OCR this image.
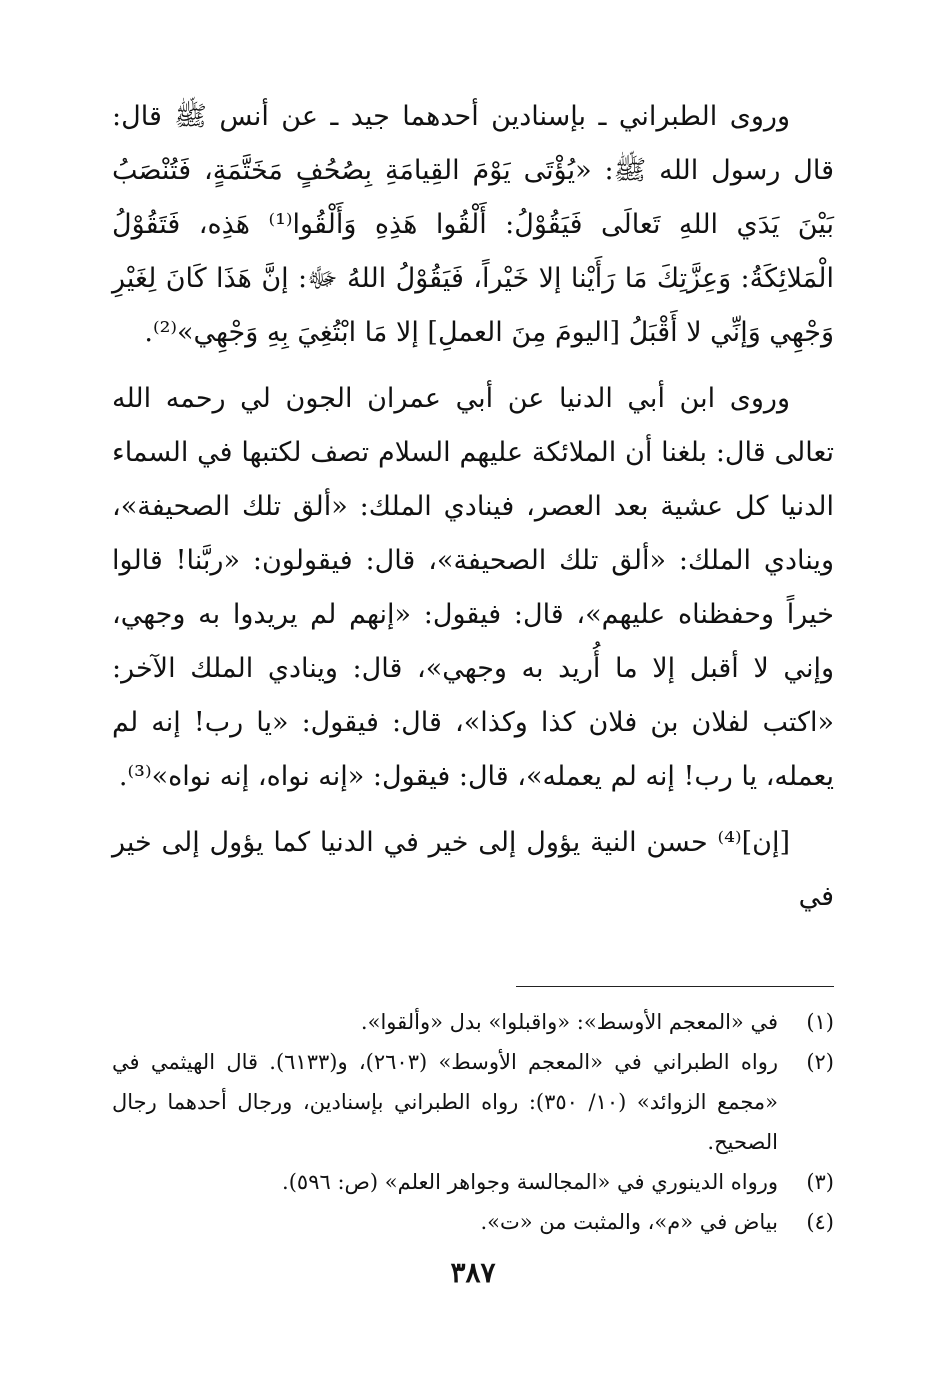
وروى الطبراني ـ بإسنادين أحدهما جيد ـ عن أنس ﷺ قال: قال رسول الله ﷺ: «يُؤْتَى يَوْمَ القِيامَةِ بِصُحُفٍ مَخَتَّمَةٍ، فَتُنْصَبُ بَيْنَ يَدَي اللهِ تَعالَى فَيَقُوْلُ: أَلْقُوا هَذِهِ وَأَلْقُوا⁽¹⁾ هَذِه، فَتَقُوْلُ الْمَلائِكَةُ: وَعِزَّتِكَ مَا رَأَيْنا إلا خَيْراً، فَيَقُوْلُ اللهُ ﷻ: إنَّ هَذَا كَانَ لِغَيْرِ وَجْهِي وَإنِّي لا أَقْبَلُ [اليومَ مِنَ العملِ] إلا مَا ابْتُغِيَ بِهِ وَجْهِي»⁽²⁾.

وروى ابن أبي الدنيا عن أبي عمران الجون لي رحمه الله تعالى قال: بلغنا أن الملائكة عليهم السلام تصف لكتبها في السماء الدنيا كل عشية بعد العصر، فينادي الملك: «ألق تلك الصحيفة»، وينادي الملك: «ألق تلك الصحيفة»، قال: فيقولون: «ربَّنا! قالوا خيراً وحفظناه عليهم»، قال: فيقول: «إنهم لم يريدوا به وجهي، وإني لا أقبل إلا ما أُريد به وجهي»، قال: وينادي الملك الآخر: «اكتب لفلان بن فلان كذا وكذا»، قال: فيقول: «يا رب! إنه لم يعمله، يا رب! إنه لم يعمله»، قال: فيقول: «إنه نواه، إنه نواه»⁽³⁾.

[إن]⁽⁴⁾ حسن النية يؤول إلى خير في الدنيا كما يؤول إلى خير في

(١)
في «المعجم الأوسط»: «واقبلوا» بدل «وألقوا».
(٢)
رواه الطبراني في «المعجم الأوسط» (٢٦٠٣)، و(٦١٣٣). قال الهيثمي في «مجمع الزوائد» (١٠/ ٣٥٠): رواه الطبراني بإسنادين، ورجال أحدهما رجال الصحيح.
(٣)
ورواه الدينوري في «المجالسة وجواهر العلم» (ص: ٥٩٦).
(٤)
بياض في «م»، والمثبت من «ت».
٣٨٧
